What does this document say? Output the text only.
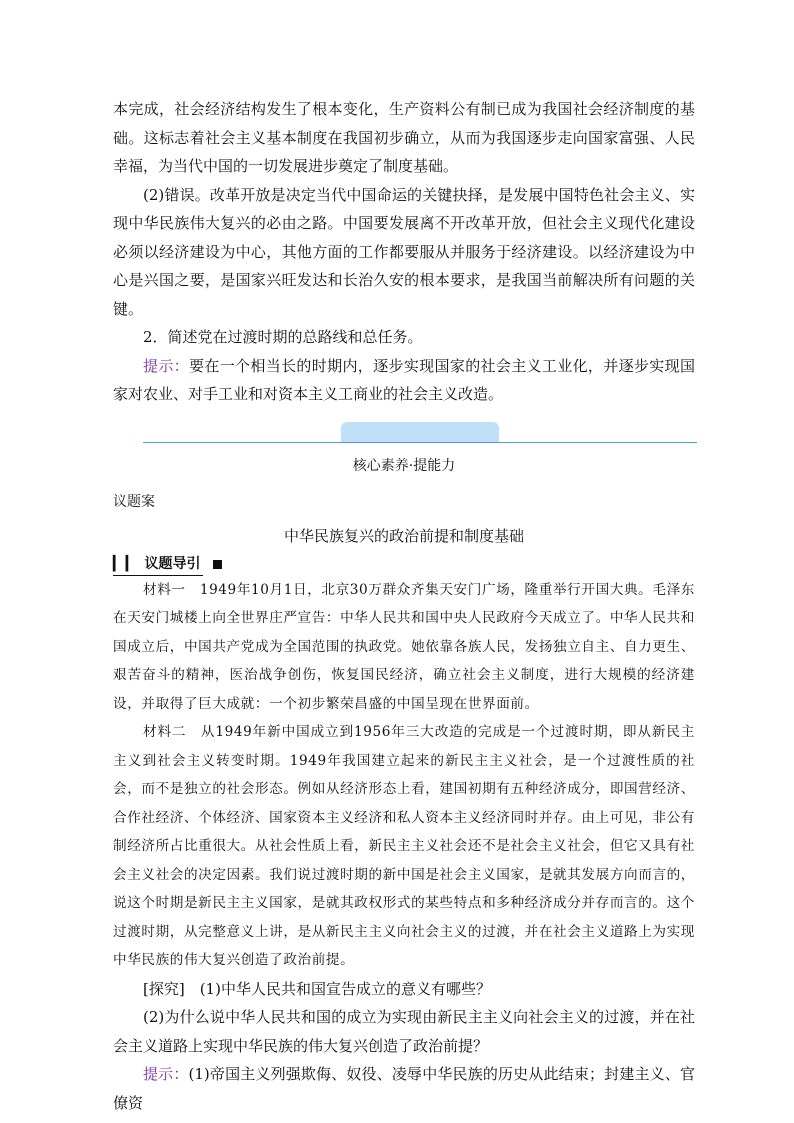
本完成，社会经济结构发生了根本变化，生产资料公有制已成为我国社会经济制度的基础。这标志着社会主义基本制度在我国初步确立，从而为我国逐步走向国家富强、人民幸福，为当代中国的一切发展进步奠定了制度基础。

(2)错误。改革开放是决定当代中国命运的关键抉择，是发展中国特色社会主义、实现中华民族伟大复兴的必由之路。中国要发展离不开改革开放，但社会主义现代化建设必须以经济建设为中心，其他方面的工作都要服从并服务于经济建设。以经济建设为中心是兴国之要，是国家兴旺发达和长治久安的根本要求，是我国当前解决所有问题的关键。

2．简述党在过渡时期的总路线和总任务。

提示：要在一个相当长的时期内，逐步实现国家的社会主义工业化，并逐步实现国家对农业、对手工业和对资本主义工商业的社会主义改造。

核心素养·提能力
议题案
中华民族复兴的政治前提和制度基础
▎▎ 议题导引

材料一　1949年10月1日，北京30万群众齐集天安门广场，隆重举行开国大典。毛泽东在天安门城楼上向全世界庄严宣告：中华人民共和国中央人民政府今天成立了。中华人民共和国成立后，中国共产党成为全国范围的执政党。她依靠各族人民，发扬独立自主、自力更生、艰苦奋斗的精神，医治战争创伤，恢复国民经济，确立社会主义制度，进行大规模的经济建设，并取得了巨大成就：一个初步繁荣昌盛的中国呈现在世界面前。

材料二　从1949年新中国成立到1956年三大改造的完成是一个过渡时期，即从新民主主义到社会主义转变时期。1949年我国建立起来的新民主主义社会，是一个过渡性质的社会，而不是独立的社会形态。例如从经济形态上看，建国初期有五种经济成分，即国营经济、合作社经济、个体经济、国家资本主义经济和私人资本主义经济同时并存。由上可见，非公有制经济所占比重很大。从社会性质上看，新民主主义社会还不是社会主义社会，但它又具有社会主义社会的决定因素。我们说过渡时期的新中国是社会主义国家，是就其发展方向而言的，说这个时期是新民主主义国家，是就其政权形式的某些特点和多种经济成分并存而言的。这个过渡时期，从完整意义上讲，是从新民主主义向社会主义的过渡，并在社会主义道路上为实现中华民族的伟大复兴创造了政治前提。

[探究]　(1)中华人民共和国宣告成立的意义有哪些？

(2)为什么说中华人民共和国的成立为实现由新民主主义向社会主义的过渡，并在社会主义道路上实现中华民族的伟大复兴创造了政治前提？

提示：(1)帝国主义列强欺侮、奴役、凌辱中华民族的历史从此结束；封建主义、官僚资
